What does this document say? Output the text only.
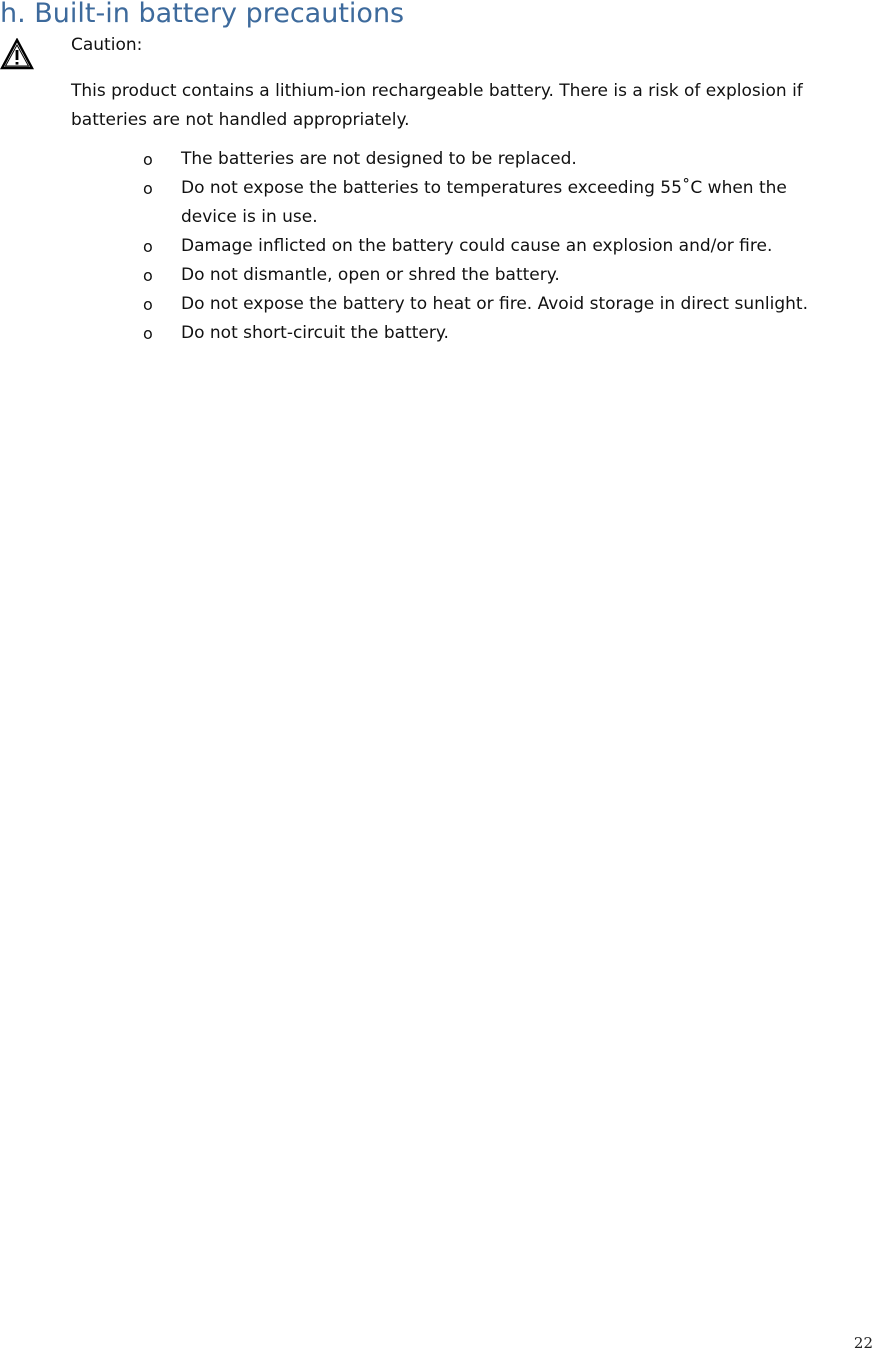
h. Built-in battery precautions
Caution:

This product contains a lithium-ion rechargeable battery. There is a risk of explosion if batteries are not handled appropriately.

o The batteries are not designed to be replaced.
o Do not expose the batteries to temperatures exceeding 55˚C when the device is in use.
o Damage inflicted on the battery could cause an explosion and/or fire.
o Do not dismantle, open or shred the battery.
o Do not expose the battery to heat or fire. Avoid storage in direct sunlight.
o Do not short-circuit the battery.
22
